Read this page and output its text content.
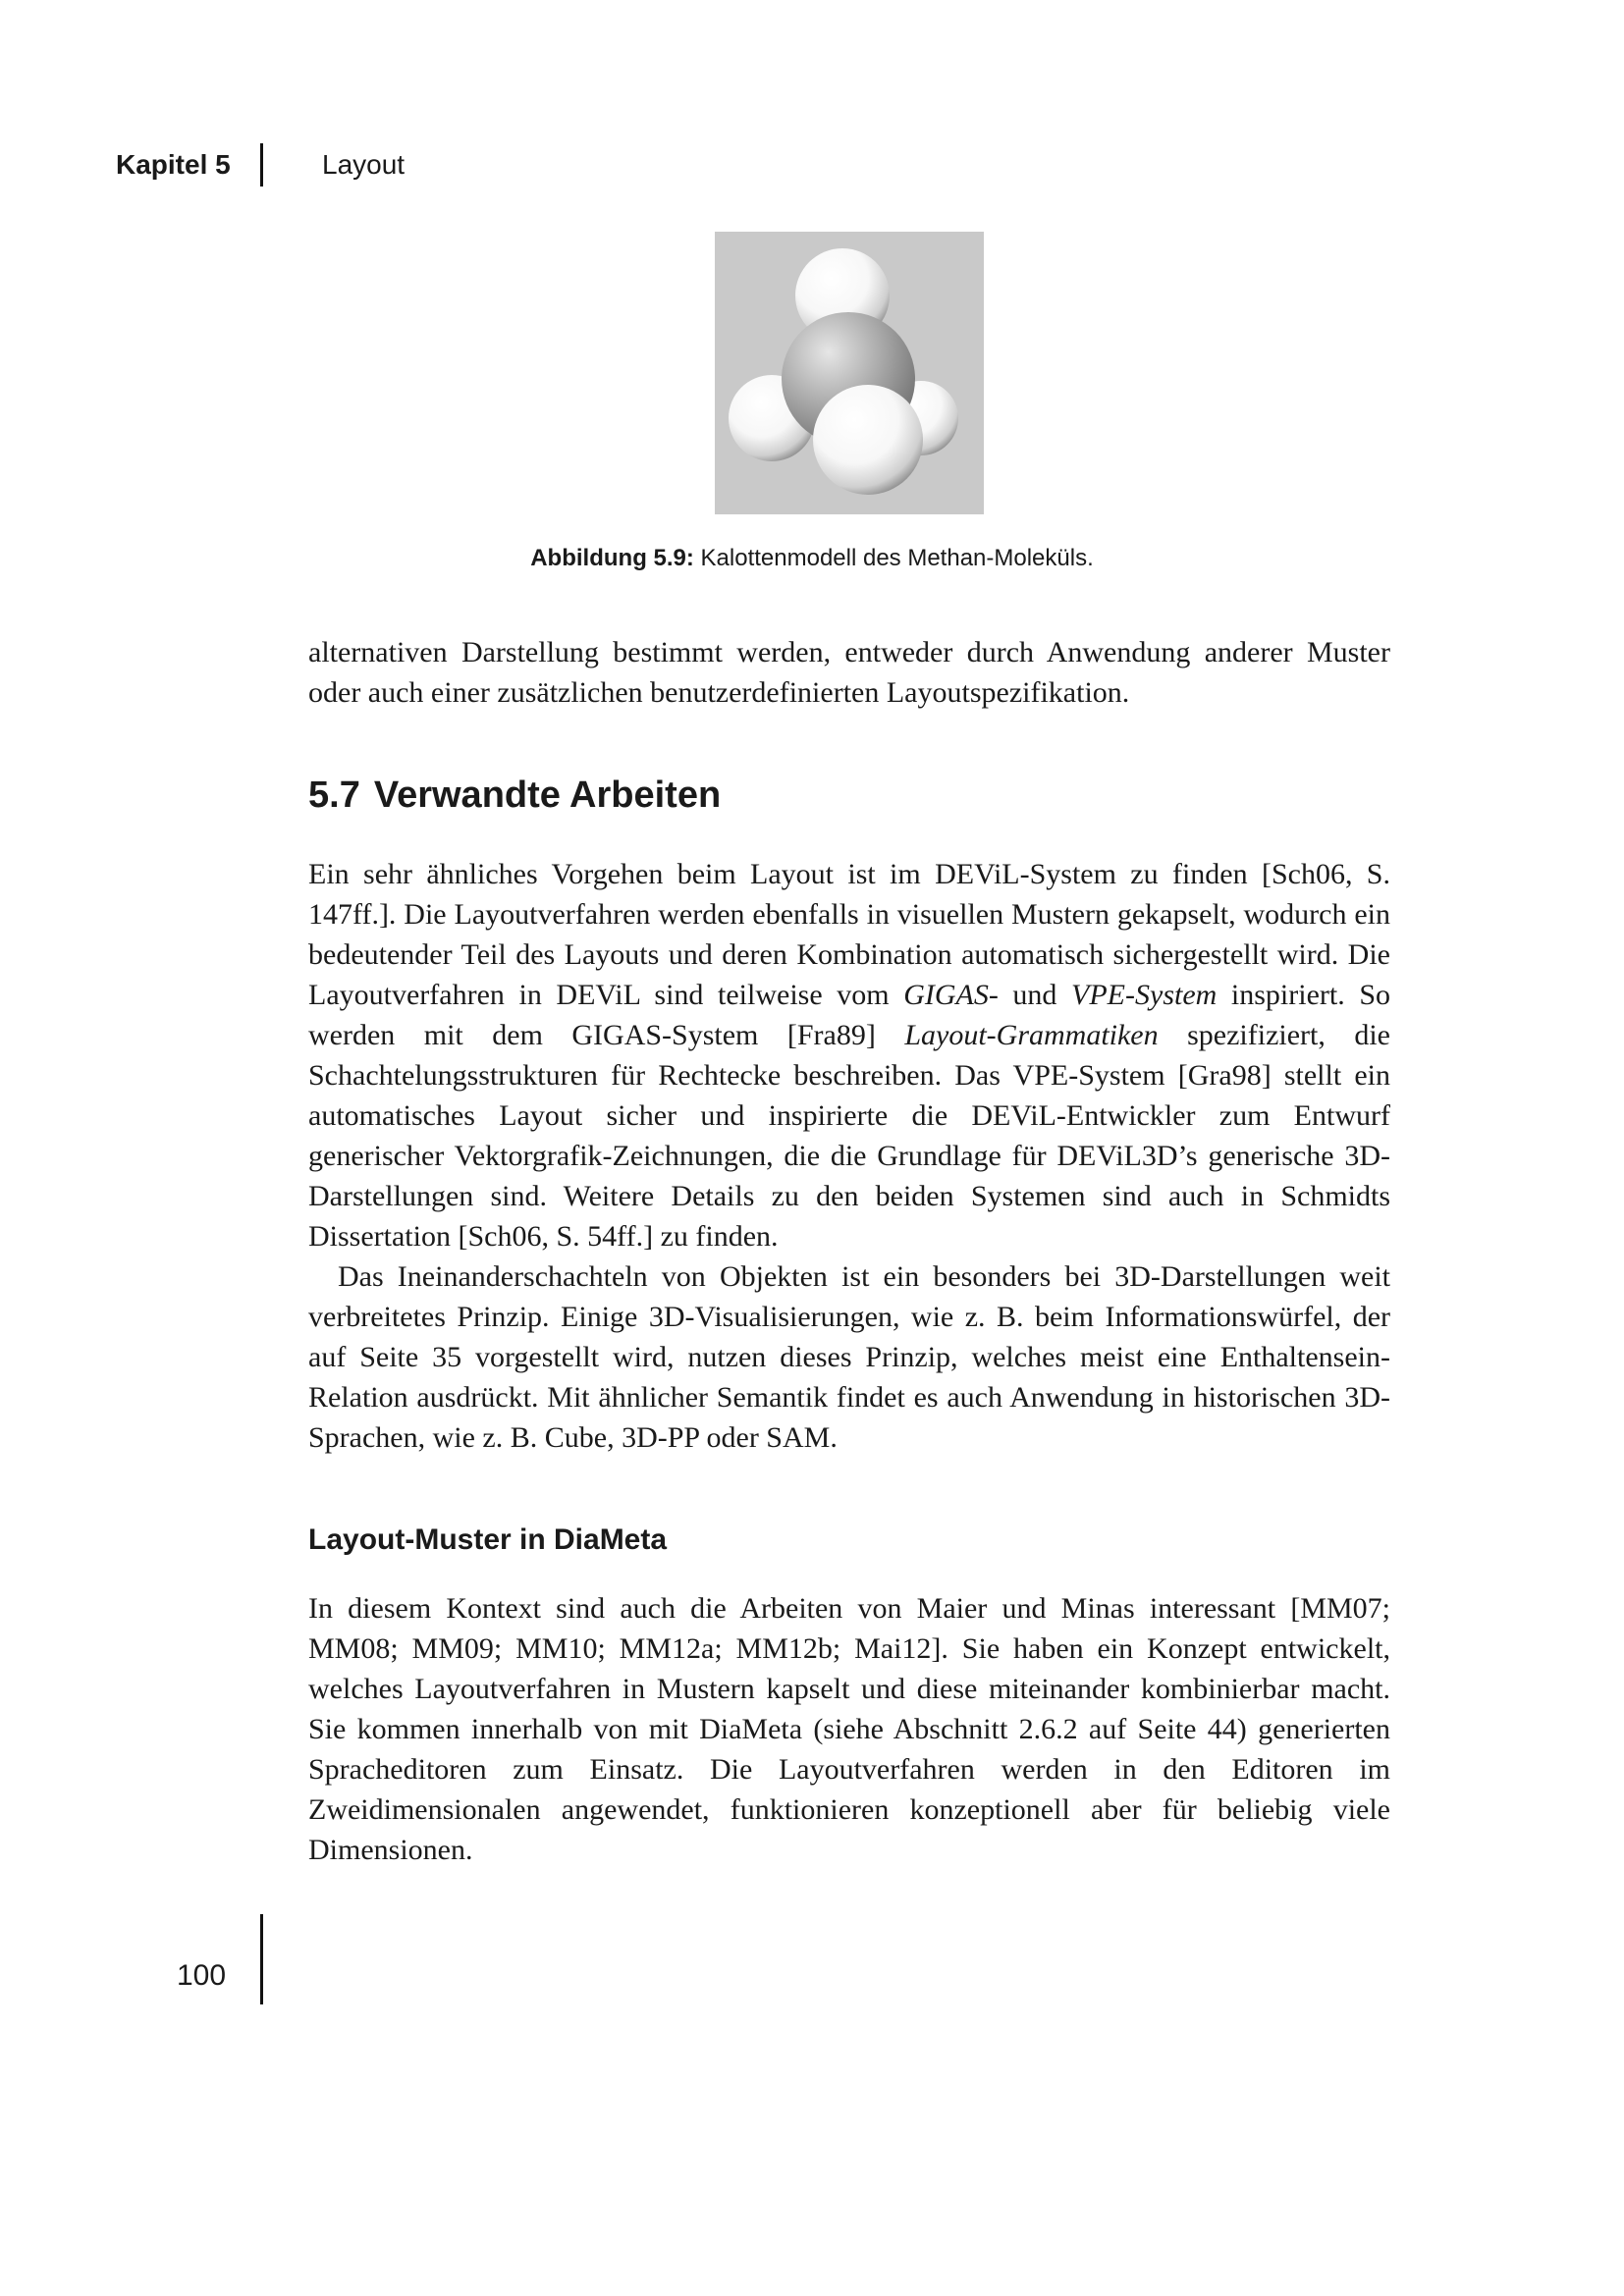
Kapitel 5	Layout
Abbildung 5.9: Kalottenmodell des Methan-Moleküls.

alternativen Darstellung bestimmt werden, entweder durch Anwendung anderer Muster oder auch einer zusätzlichen benutzerdefinierten Layoutspezifikation.

5.7 Verwandte Arbeiten

Ein sehr ähnliches Vorgehen beim Layout ist im DEViL-System zu finden [Sch06, S. 147ff.]. Die Layoutverfahren werden ebenfalls in visuellen Mustern gekapselt, wodurch ein bedeutender Teil des Layouts und deren Kombination automatisch sichergestellt wird. Die Layoutverfahren in DEViL sind teilweise vom GIGAS- und VPE-System inspiriert. So werden mit dem GIGAS-System [Fra89] Layout-Grammatiken spezifiziert, die Schachtelungsstrukturen für Rechtecke beschreiben. Das VPE-System [Gra98] stellt ein automatisches Layout sicher und inspirierte die DEViL-Entwickler zum Entwurf generischer Vektorgrafik-Zeichnungen, die die Grundlage für DEViL3D’s generische 3D-Darstellungen sind. Weitere Details zu den beiden Systemen sind auch in Schmidts Dissertation [Sch06, S. 54ff.] zu finden.

Das Ineinanderschachteln von Objekten ist ein besonders bei 3D-Darstellungen weit verbreitetes Prinzip. Einige 3D-Visualisierungen, wie z. B. beim Informationswürfel, der auf Seite 35 vorgestellt wird, nutzen dieses Prinzip, welches meist eine Enthaltensein-Relation ausdrückt. Mit ähnlicher Semantik findet es auch Anwendung in historischen 3D-Sprachen, wie z. B. Cube, 3D-PP oder SAM.

Layout-Muster in DiaMeta

In diesem Kontext sind auch die Arbeiten von Maier und Minas interessant [MM07; MM08; MM09; MM10; MM12a; MM12b; Mai12]. Sie haben ein Konzept entwickelt, welches Layoutverfahren in Mustern kapselt und diese miteinander kombinierbar macht. Sie kommen innerhalb von mit DiaMeta (siehe Abschnitt 2.6.2 auf Seite 44) generierten Spracheditoren zum Einsatz. Die Layoutverfahren werden in den Editoren im Zweidimensionalen angewendet, funktionieren konzeptionell aber für beliebig viele Dimensionen.

100
